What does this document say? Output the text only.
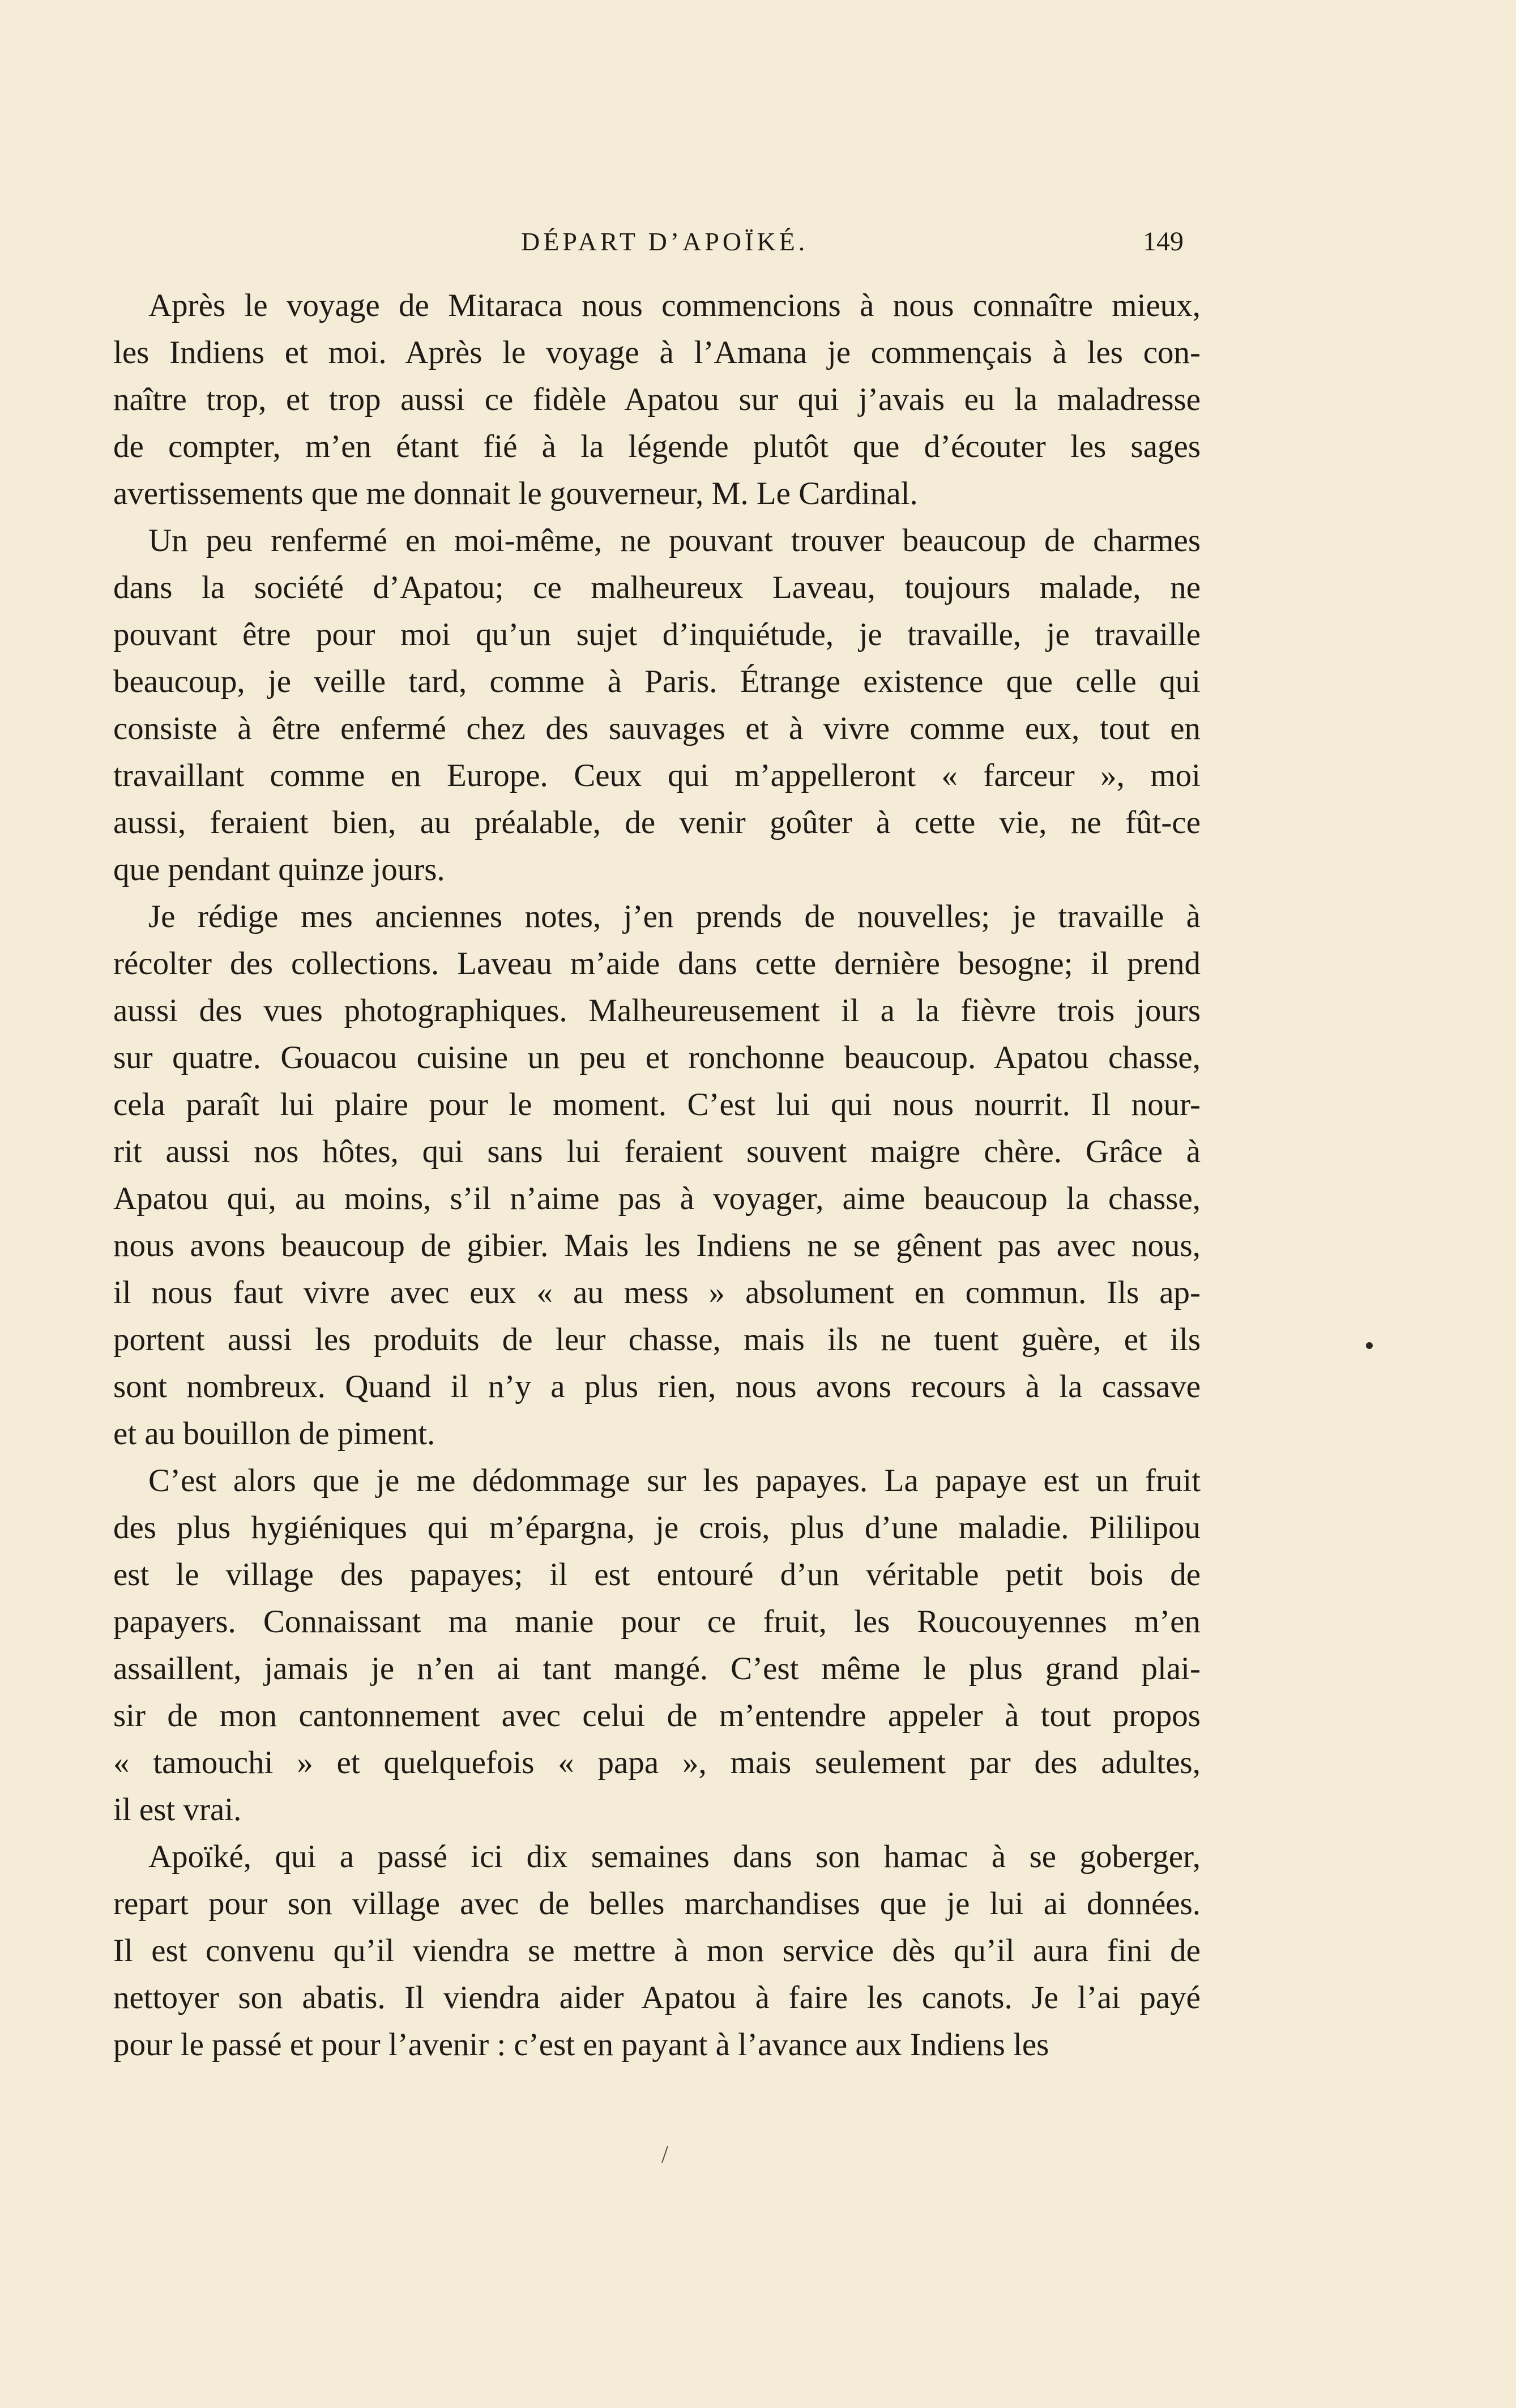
DÉPART D’APOÏKÉ.	149
Après le voyage de Mitaraca nous commencions à nous connaître mieux,
les Indiens et moi. Après le voyage à l’Amana je commençais à les con-
naître trop, et trop aussi ce fidèle Apatou sur qui j’avais eu la maladresse
de compter, m’en étant fié à la légende plutôt que d’écouter les sages
avertissements que me donnait le gouverneur, M. Le Cardinal.
Un peu renfermé en moi-même, ne pouvant trouver beaucoup de charmes
dans la société d’Apatou; ce malheureux Laveau, toujours malade, ne
pouvant être pour moi qu’un sujet d’inquiétude, je travaille, je travaille
beaucoup, je veille tard, comme à Paris. Étrange existence que celle qui
consiste à être enfermé chez des sauvages et à vivre comme eux, tout en
travaillant comme en Europe. Ceux qui m’appelleront « farceur », moi
aussi, feraient bien, au préalable, de venir goûter à cette vie, ne fût-ce
que pendant quinze jours.
Je rédige mes anciennes notes, j’en prends de nouvelles; je travaille à
récolter des collections. Laveau m’aide dans cette dernière besogne; il prend
aussi des vues photographiques. Malheureusement il a la fièvre trois jours
sur quatre. Gouacou cuisine un peu et ronchonne beaucoup. Apatou chasse,
cela paraît lui plaire pour le moment. C’est lui qui nous nourrit. Il nour-
rit aussi nos hôtes, qui sans lui feraient souvent maigre chère. Grâce à
Apatou qui, au moins, s’il n’aime pas à voyager, aime beaucoup la chasse,
nous avons beaucoup de gibier. Mais les Indiens ne se gênent pas avec nous,
il nous faut vivre avec eux « au mess » absolument en commun. Ils ap-
portent aussi les produits de leur chasse, mais ils ne tuent guère, et ils
sont nombreux. Quand il n’y a plus rien, nous avons recours à la cassave
et au bouillon de piment.
C’est alors que je me dédommage sur les papayes. La papaye est un fruit
des plus hygiéniques qui m’épargna, je crois, plus d’une maladie. Pililipou
est le village des papayes; il est entouré d’un véritable petit bois de
papayers. Connaissant ma manie pour ce fruit, les Roucouyennes m’en
assaillent, jamais je n’en ai tant mangé. C’est même le plus grand plai-
sir de mon cantonnement avec celui de m’entendre appeler à tout propos
« tamouchi » et quelquefois « papa », mais seulement par des adultes,
il est vrai.
Apoïké, qui a passé ici dix semaines dans son hamac à se goberger,
repart pour son village avec de belles marchandises que je lui ai données.
Il est convenu qu’il viendra se mettre à mon service dès qu’il aura fini de
nettoyer son abatis. Il viendra aider Apatou à faire les canots. Je l’ai payé
pour le passé et pour l’avenir : c’est en payant à l’avance aux Indiens les
/
